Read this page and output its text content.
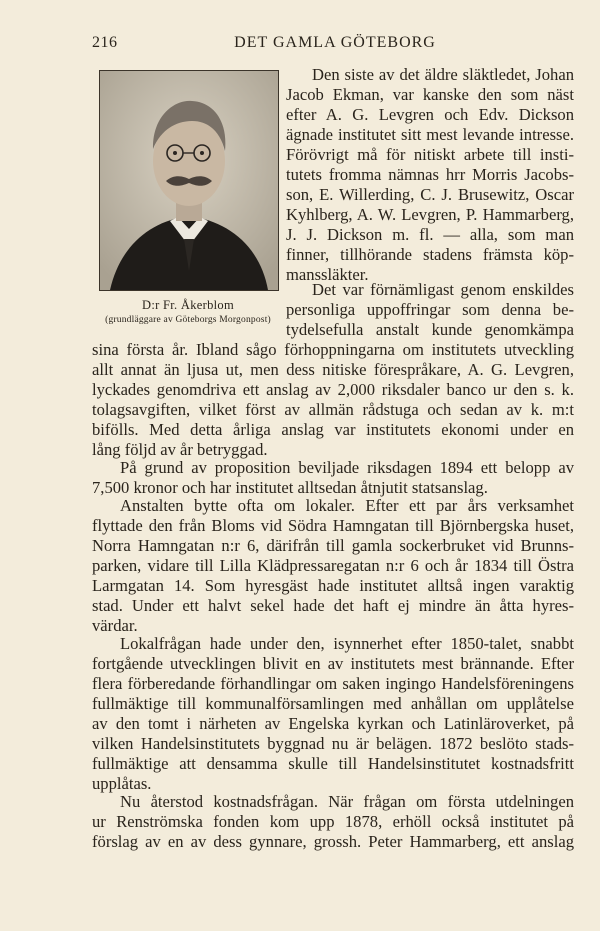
216	DET GAMLA GÖTEBORG
D:r Fr. Åkerblom
(grundläggare av Göteborgs Morgonpost)
Den siste av det äldre släktledet, Johan
Jacob Ekman, var kanske den som näst
efter A. G. Levgren och Edv. Dickson
ägnade institutet sitt mest levande intresse.
Förövrigt må för nitiskt arbete till insti-
tutets fromma nämnas hrr Morris Jacobs-
son, E. Willerding, C. J. Brusewitz, Oscar
Kyhlberg, A. W. Levgren, P. Hammarberg,
J. J. Dickson m. fl. — alla, som man
finner, tillhörande stadens främsta köp-
manssläkter.
Det var förnämligast genom enskildes
personliga uppoffringar som denna be-
tydelsefulla anstalt kunde genomkämpa
sina första år. Ibland sågo förhoppningarna om institutets utveckling
allt annat än ljusa ut, men dess nitiske förespråkare, A. G. Levgren,
lyckades genomdriva ett anslag av 2,000 riksdaler banco ur den s. k.
tolagsavgiften, vilket först av allmän rådstuga och sedan av k. m:t
bifölls. Med detta årliga anslag var institutets ekonomi under en
lång följd av år betryggad.
På grund av proposition beviljade riksdagen 1894 ett belopp av
7,500 kronor och har institutet alltsedan åtnjutit statsanslag.
Anstalten bytte ofta om lokaler. Efter ett par års verksamhet
flyttade den från Bloms vid Södra Hamngatan till Björnbergska huset,
Norra Hamngatan n:r 6, därifrån till gamla sockerbruket vid Brunns-
parken, vidare till Lilla Klädpressaregatan n:r 6 och år 1834 till Östra
Larmgatan 14. Som hyresgäst hade institutet alltså ingen varaktig
stad. Under ett halvt sekel hade det haft ej mindre än åtta hyres-
värdar.
Lokalfrågan hade under den, isynnerhet efter 1850-talet, snabbt
fortgående utvecklingen blivit en av institutets mest brännande. Efter
flera förberedande förhandlingar om saken ingingo Handelsföreningens
fullmäktige till kommunalförsamlingen med anhållan om upplåtelse
av den tomt i närheten av Engelska kyrkan och Latinläroverket, på
vilken Handelsinstitutets byggnad nu är belägen. 1872 beslöto stads-
fullmäktige att densamma skulle till Handelsinstitutet kostnadsfritt
upplåtas.
Nu återstod kostnadsfrågan. När frågan om första utdelningen
ur Renströmska fonden kom upp 1878, erhöll också institutet på
förslag av en av dess gynnare, grossh. Peter Hammarberg, ett anslag
